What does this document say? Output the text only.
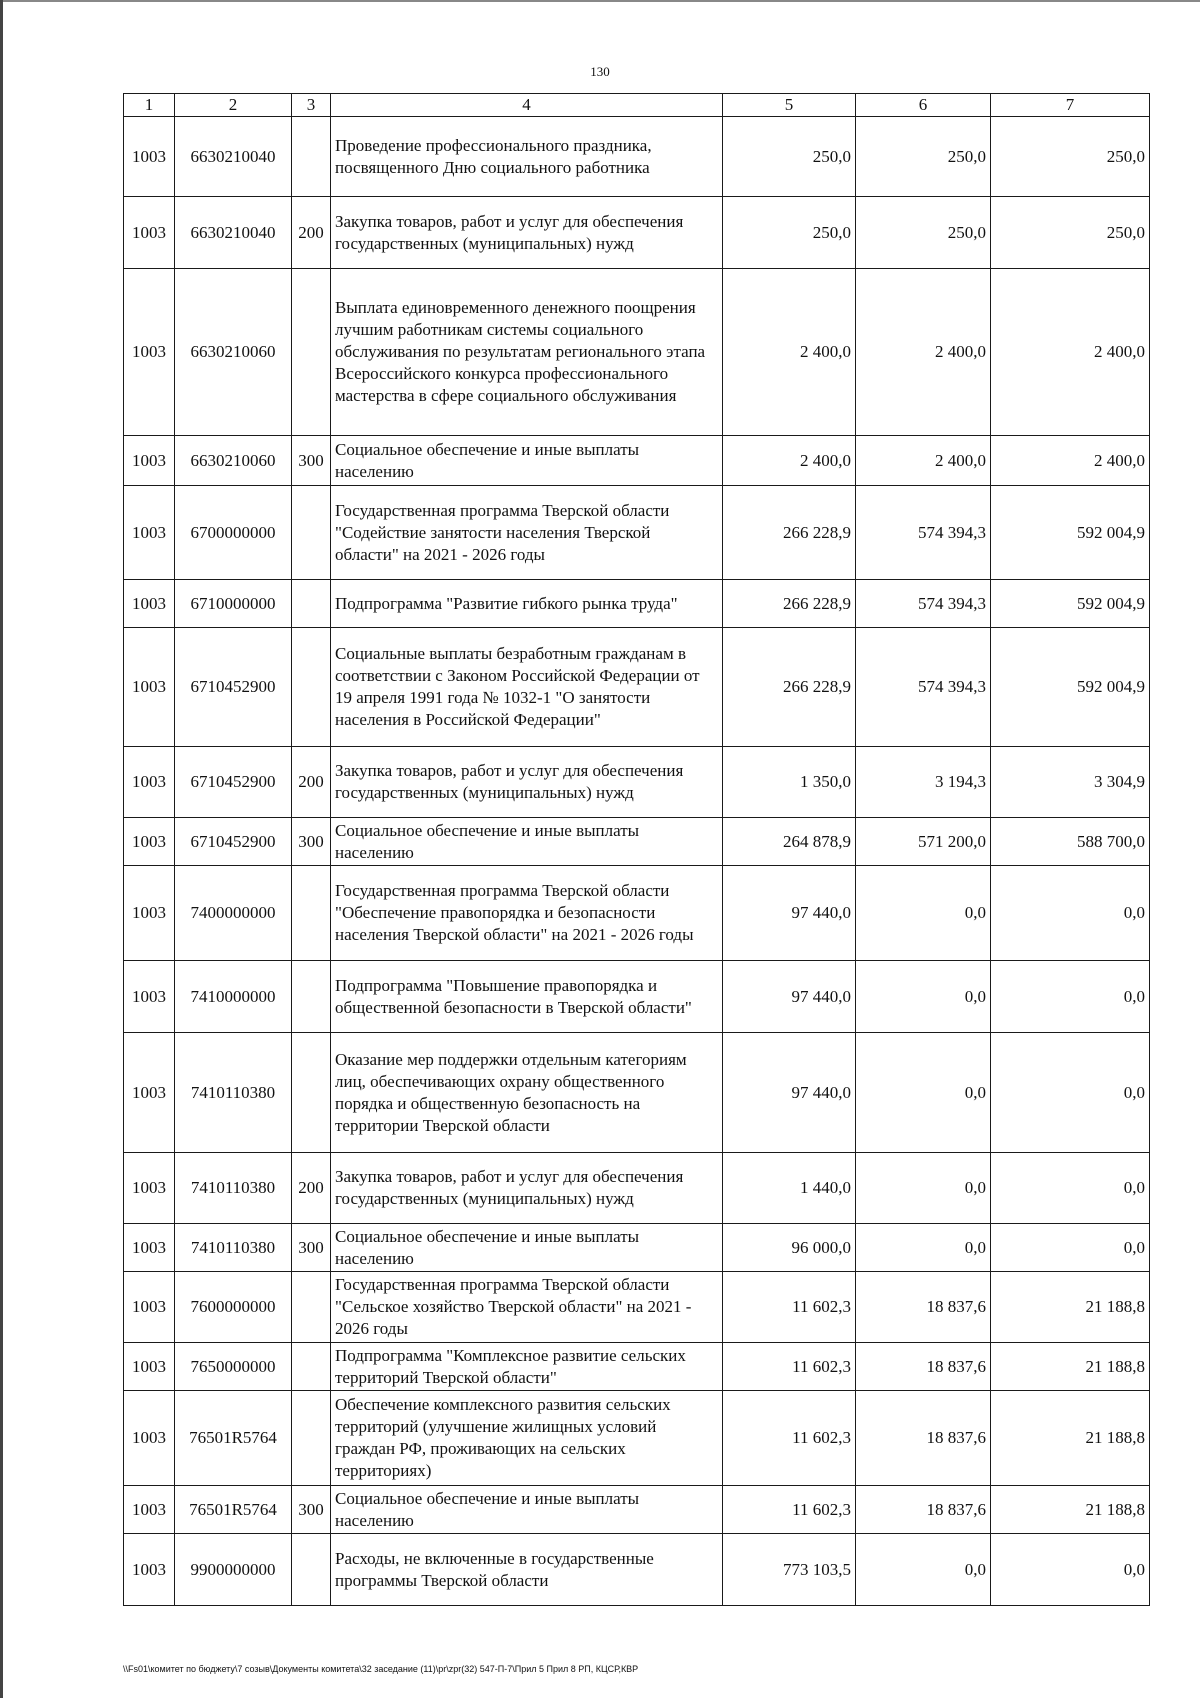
130
1	2	3	4	5	6	7
1003	6630210040		Проведение профессионального праздника, посвященного Дню социального работника	250,0	250,0	250,0
1003	6630210040	200	Закупка товаров, работ и услуг для обеспечения государственных (муниципальных) нужд	250,0	250,0	250,0
1003	6630210060		Выплата единовременного денежного поощрения лучшим работникам системы социального обслуживания по результатам регионального этапа Всероссийского конкурса профессионального мастерства в сфере социального обслуживания	2 400,0	2 400,0	2 400,0
1003	6630210060	300	Социальное обеспечение и иные выплаты населению	2 400,0	2 400,0	2 400,0
1003	6700000000		Государственная программа Тверской области "Содействие занятости населения Тверской области" на 2021 - 2026 годы	266 228,9	574 394,3	592 004,9
1003	6710000000		Подпрограмма "Развитие гибкого рынка труда"	266 228,9	574 394,3	592 004,9
1003	6710452900		Социальные выплаты безработным гражданам в соответствии с Законом Российской Федерации от 19 апреля 1991 года № 1032-1 "О занятости населения в Российской Федерации"	266 228,9	574 394,3	592 004,9
1003	6710452900	200	Закупка товаров, работ и услуг для обеспечения государственных (муниципальных) нужд	1 350,0	3 194,3	3 304,9
1003	6710452900	300	Социальное обеспечение и иные выплаты населению	264 878,9	571 200,0	588 700,0
1003	7400000000		Государственная программа Тверской области "Обеспечение правопорядка и безопасности населения Тверской области" на 2021 - 2026 годы	97 440,0	0,0	0,0
1003	7410000000		Подпрограмма "Повышение правопорядка и общественной безопасности в Тверской области"	97 440,0	0,0	0,0
1003	7410110380		Оказание мер поддержки отдельным категориям лиц, обеспечивающих охрану общественного порядка и общественную безопасность на территории Тверской области	97 440,0	0,0	0,0
1003	7410110380	200	Закупка товаров, работ и услуг для обеспечения государственных (муниципальных) нужд	1 440,0	0,0	0,0
1003	7410110380	300	Социальное обеспечение и иные выплаты населению	96 000,0	0,0	0,0
1003	7600000000		Государственная программа Тверской области "Сельское хозяйство Тверской области" на 2021 - 2026 годы	11 602,3	18 837,6	21 188,8
1003	7650000000		Подпрограмма "Комплексное развитие сельских территорий Тверской области"	11 602,3	18 837,6	21 188,8
1003	76501R5764		Обеспечение комплексного развития сельских территорий (улучшение жилищных условий граждан РФ, проживающих на сельских территориях)	11 602,3	18 837,6	21 188,8
1003	76501R5764	300	Социальное обеспечение и иные выплаты населению	11 602,3	18 837,6	21 188,8
1003	9900000000		Расходы, не включенные в государственные программы Тверской области	773 103,5	0,0	0,0
\\Fs01\комитет по бюджету\7 созыв\Документы комитета\32 заседание (11)\pr\zpr(32) 547-П-7\Прил 5 Прил 8 РП, КЦСР,КВР
